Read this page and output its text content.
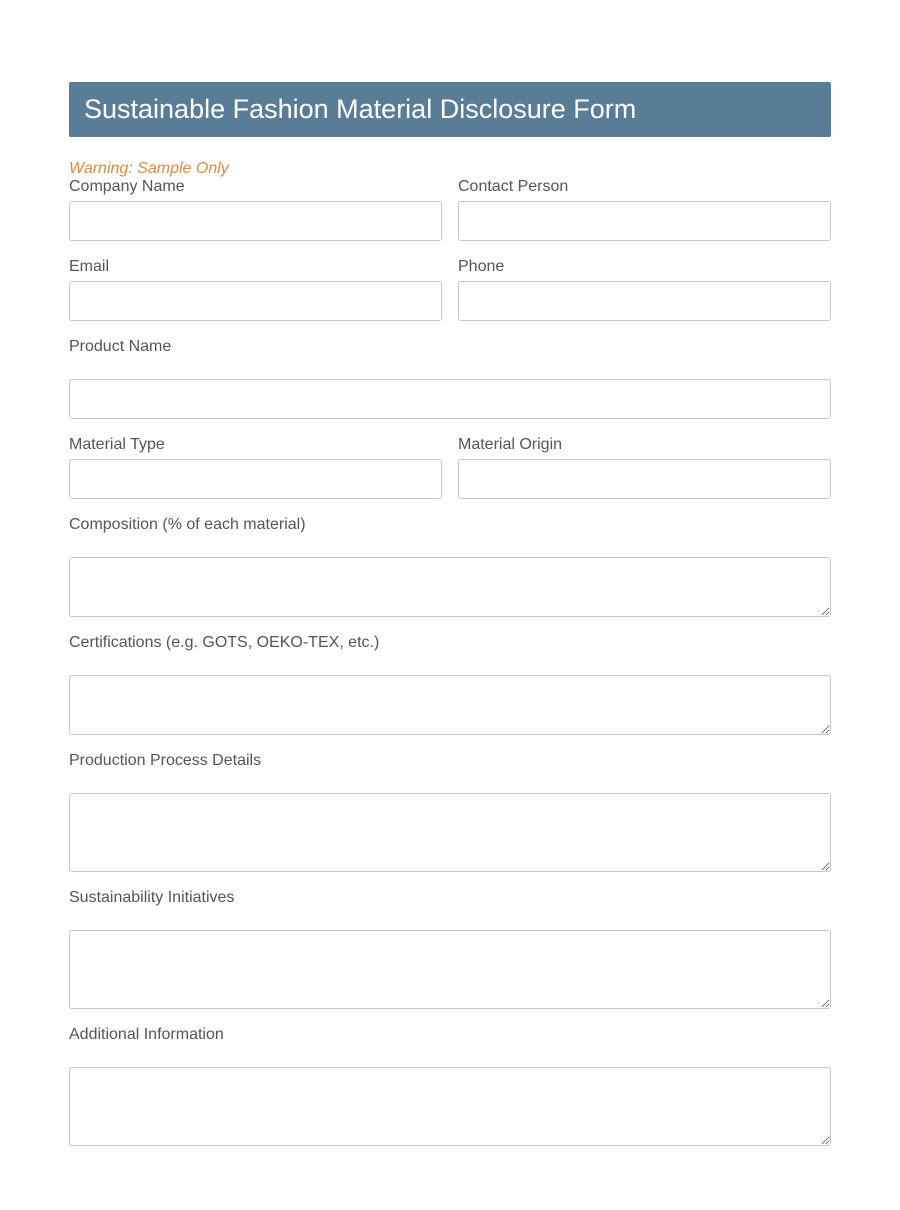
Sustainable Fashion Material Disclosure Form
Warning: Sample Only
Company Name	Contact Person
Email	Phone
Product Name
Material Type	Material Origin
Composition (% of each material)
Certifications (e.g. GOTS, OEKO-TEX, etc.)
Production Process Details
Sustainability Initiatives
Additional Information
